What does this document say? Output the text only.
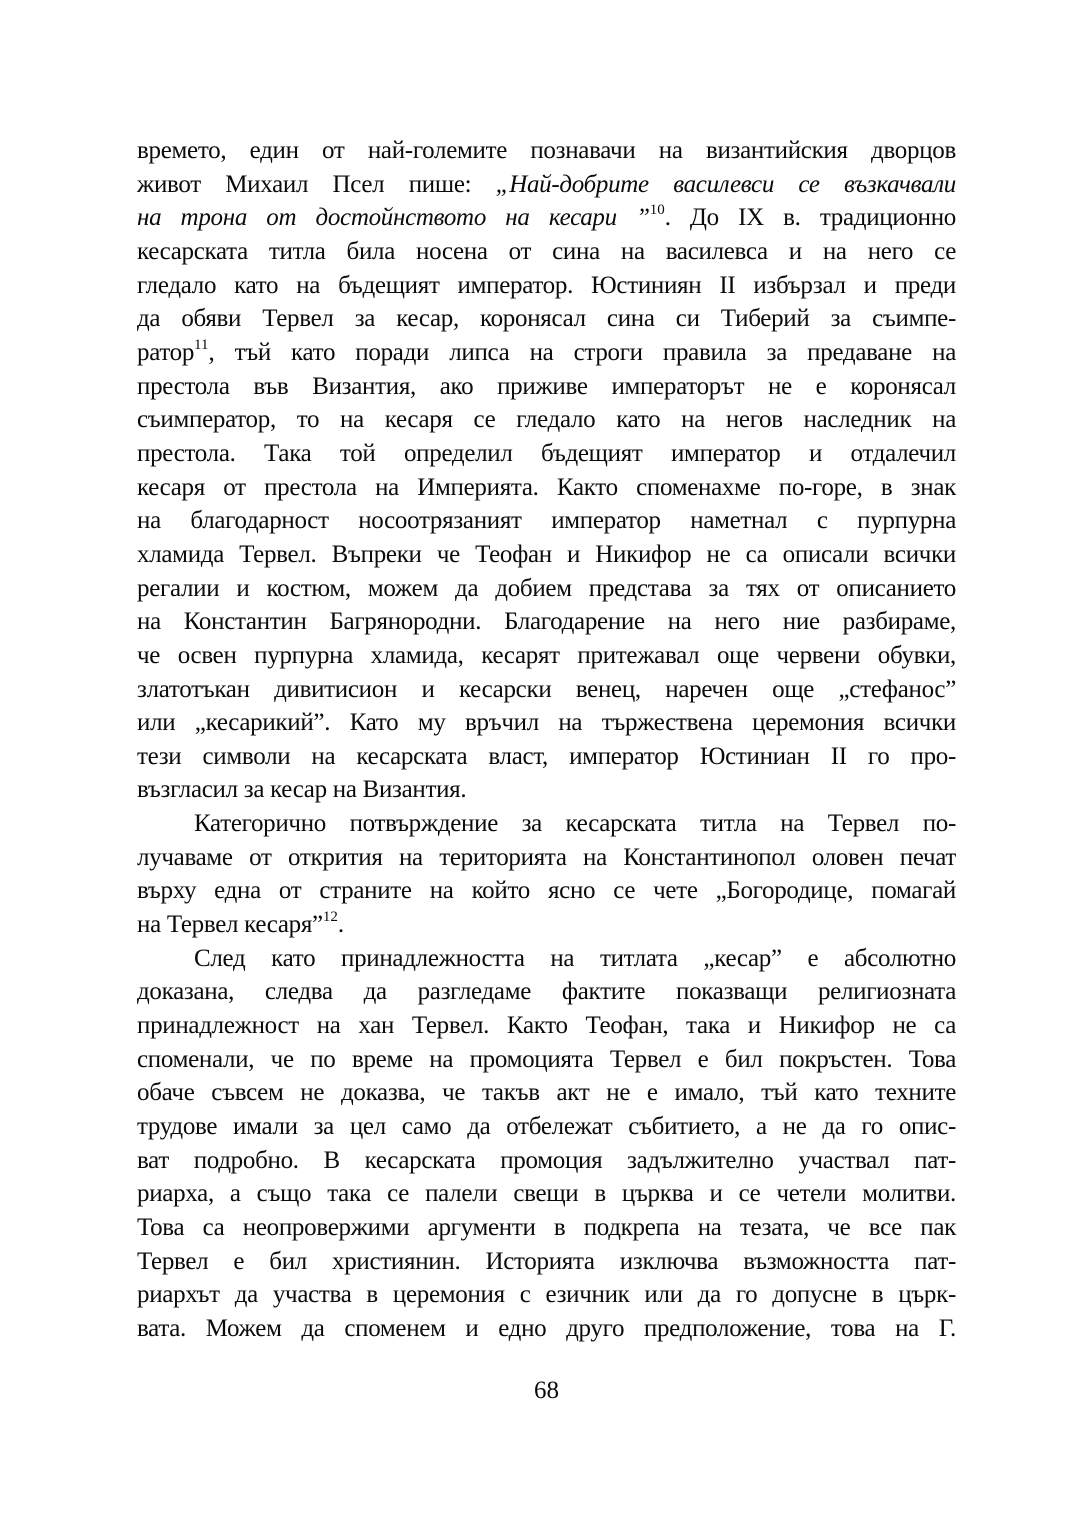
времето, един от най-големите познавачи на византийския дворцов
живот Михаил Псел пише: „Най-добрите василевси се възкачвали
на трона от достойнството на кесари ”$^{10}$. До IX в. традиционно
кесарската титла била носена от сина на василевса и на него се
гледало като на бъдещият император. Юстиниян II избързал и преди
да обяви Тервел за кесар, коронясал сина си Тиберий за съимпе-
ратор$^{11}$, тъй като поради липса на строги правила за предаване на
престола във Византия, ако приживе императорът не е коронясал
съимператор, то на кесаря се гледало като на негов наследник на
престола. Така той определил бъдещият император и отдалечил
кесаря от престола на Империята. Както споменахме по-горе, в знак
на благодарност носоотрязаният император наметнал с пурпурна
хламида Тервел. Въпреки че Теофан и Никифор не са описали всички
регалии и костюм, можем да добием представа за тях от описанието
на Константин Багрянородни. Благодарение на него ние разбираме,
че освен пурпурна хламида, кесарят притежавал още червени обувки,
златотъкан дивитисион и кесарски венец, наречен още „стефанос”
или „кесарикий”. Като му връчил на тържествена церемония всички
тези символи на кесарската власт, император Юстиниан II го про-
възгласил за кесар на Византия.
Категорично потвърждение за кесарската титла на Тервел по-
лучаваме от открития на територията на Константинопол оловен печат
върху една от страните на който ясно се чете „Богородице, помагай
на Тервел кесаря”$^{12}$.
След като принадлежността на титлата „кесар” е абсолютно
доказана, следва да разгледаме фактите показващи религиозната
принадлежност на хан Тервел. Както Теофан, така и Никифор не са
споменали, че по време на промоцията Тервел е бил покръстен. Това
обаче съвсем не доказва, че такъв акт не е имало, тъй като техните
трудове имали за цел само да отбележат събитието, а не да го опис-
ват подробно. В кесарската промоция задължително участвал пат-
риарха, а също така се палели свещи в църква и се четели молитви.
Това са неопровержими аргументи в подкрепа на тезата, че все пак
Тервел е бил християнин. Историята изключва възможността пат-
риархът да участва в церемония с езичник или да го допусне в църк-
вата. Можем да споменем и едно друго предположение, това на Г.
68
